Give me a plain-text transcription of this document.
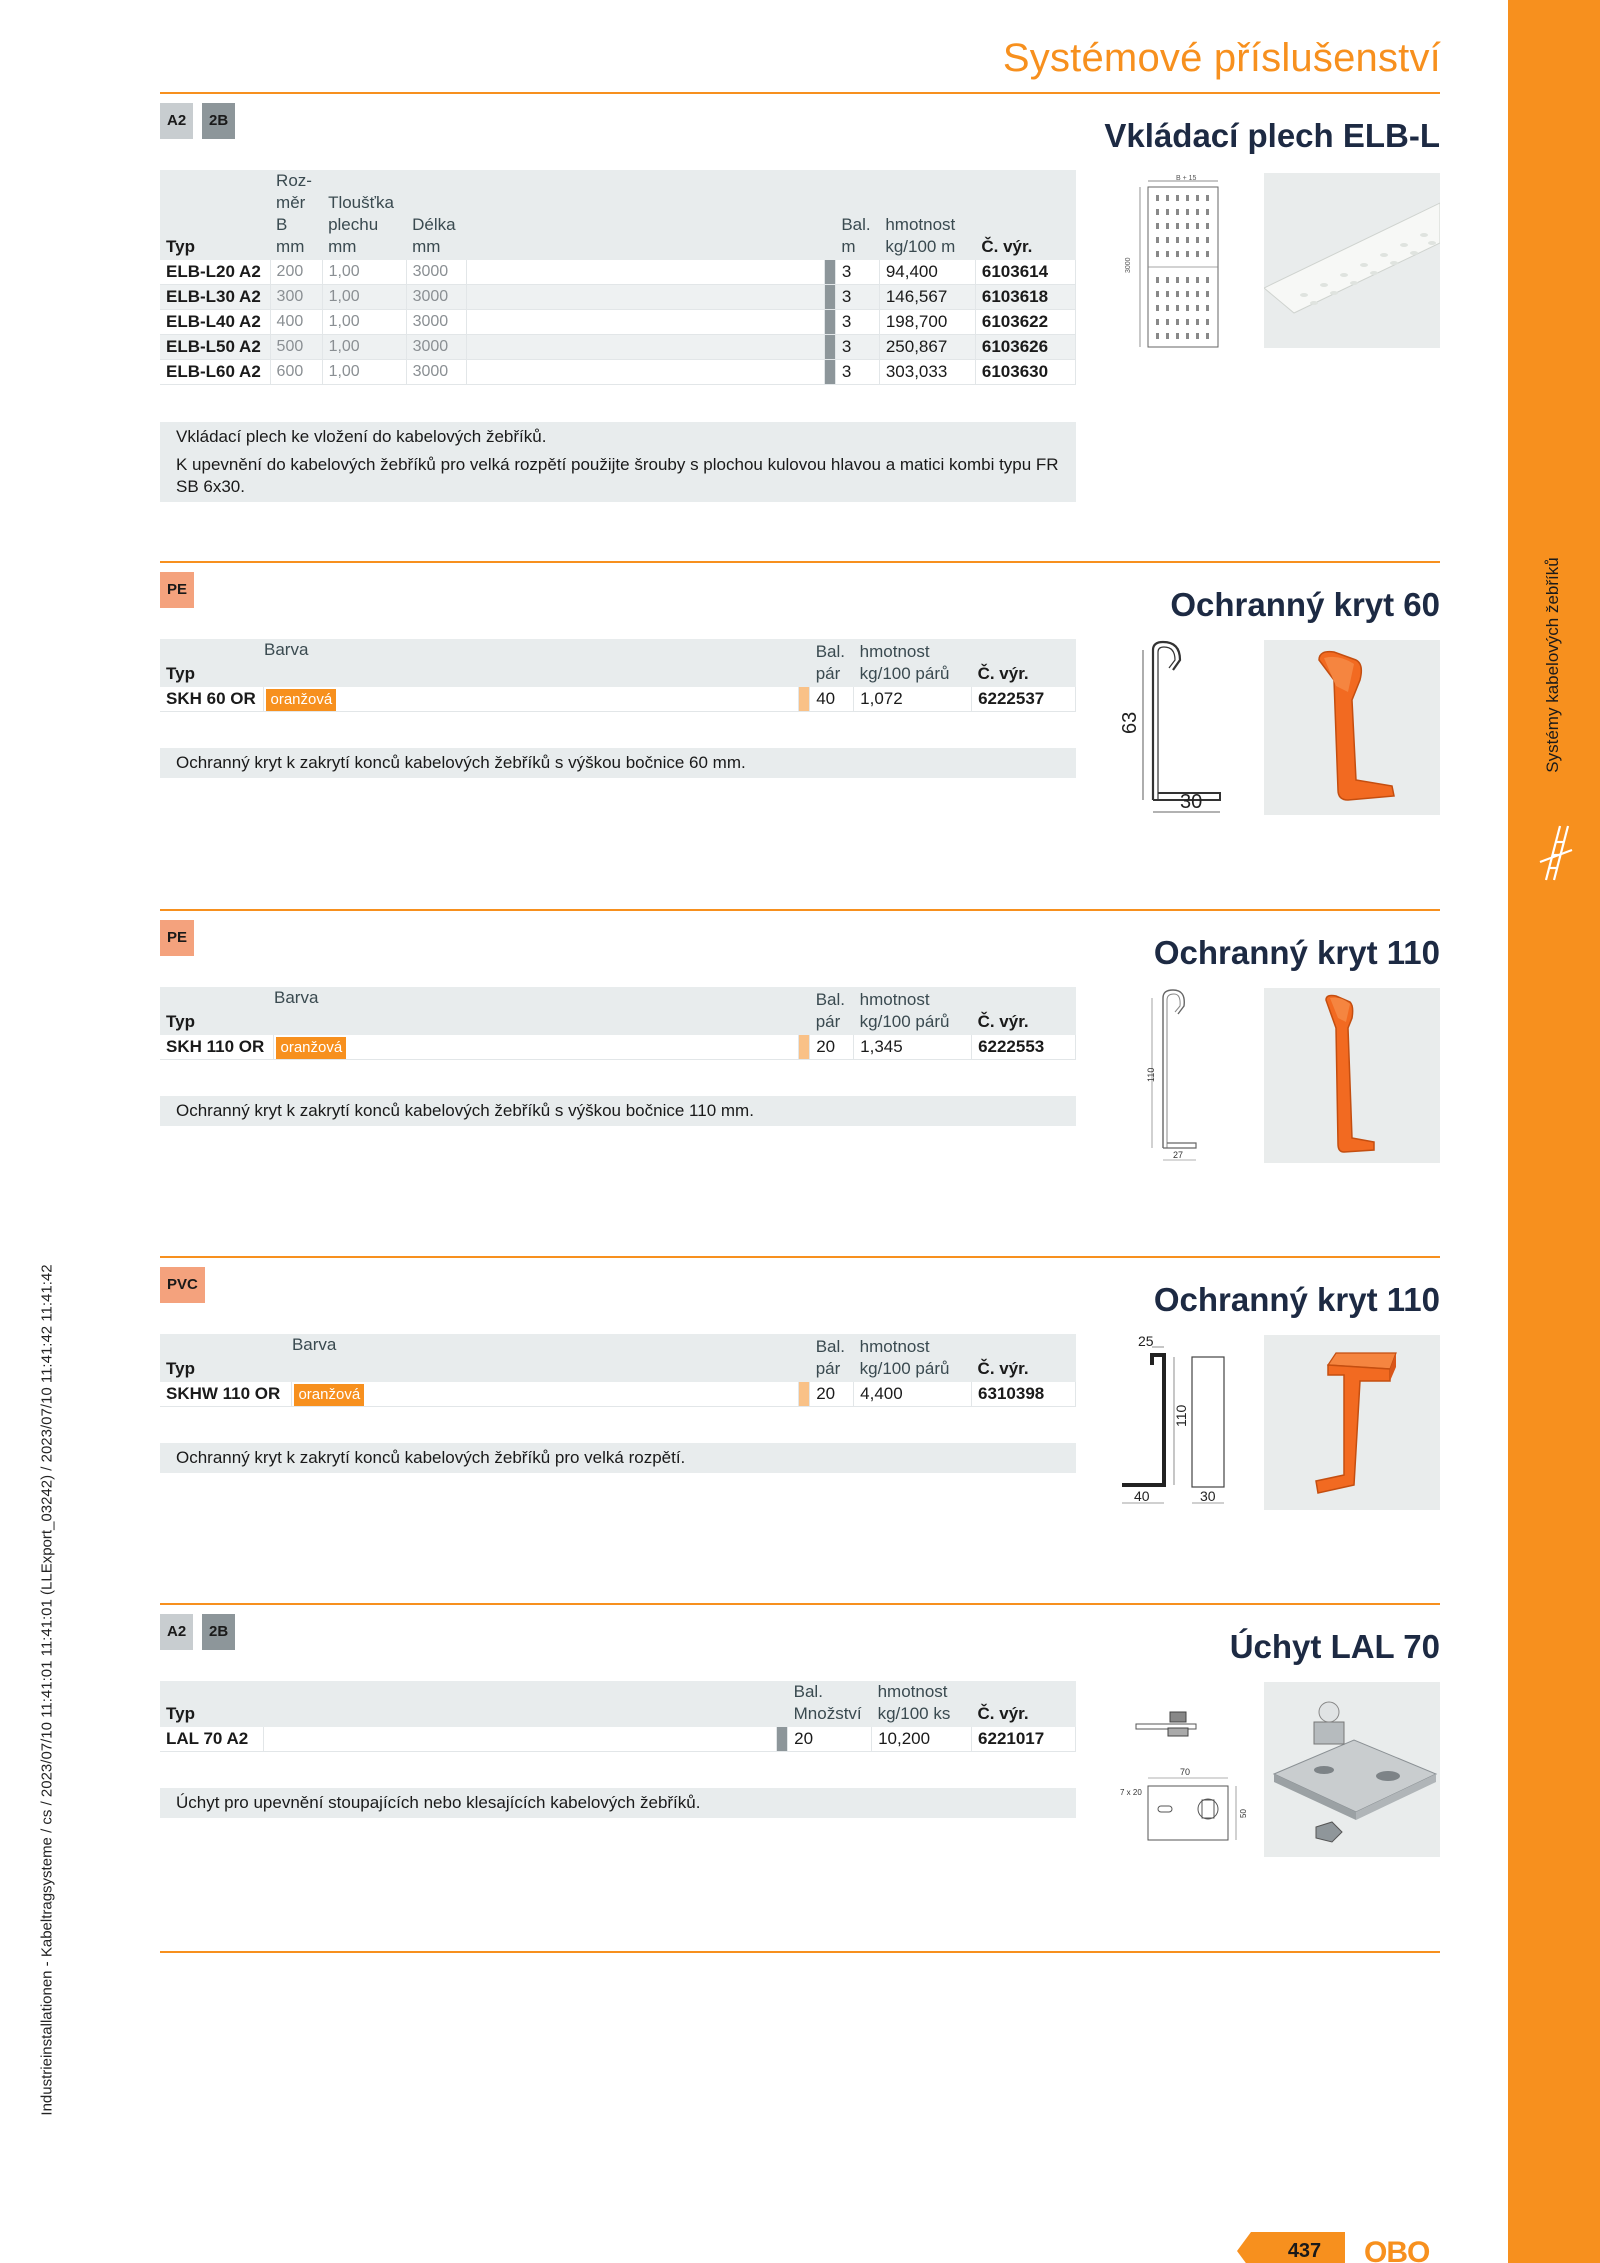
Systémy kabelových žebříků
Industrieinstallationen - Kabeltragsysteme / cs / 2023/07/10 11:41:01 11:41:01 (LLExport_03242) / 2023/07/10 11:41:42 11:41:42
Systémové příslušenství
A2	2B	Vkládací plech ELB-L
Typ	Roz-
měr
B
mm	Tloušťka
plechu
mm	Délka
mm			Bal.
m	hmotnost
kg/100 m	Č. výr.
ELB-L20 A2	200	1,00	3000			3	94,400	6103614
ELB-L30 A2	300	1,00	3000			3	146,567	6103618
ELB-L40 A2	400	1,00	3000			3	198,700	6103622
ELB-L50 A2	500	1,00	3000			3	250,867	6103626
ELB-L60 A2	600	1,00	3000			3	303,033	6103630
Vkládací plech ke vložení do kabelových žebříků.
K upevnění do kabelových žebříků pro velká rozpětí použijte šrouby s plochou kulovou hlavou a matici kombi typu FR SB 6x30.
B + 15
3000
PE	Ochranný kryt 60
Typ	Barva		Bal.
pár	hmotnost
kg/100 párů	Č. výr.
SKH 60 OR	oranžová		40	1,072	6222537
Ochranný kryt k zakrytí konců kabelových žebříků s výškou bočnice 60 mm.
63
30
PE	Ochranný kryt 110
Typ	Barva		Bal.
pár	hmotnost
kg/100 párů	Č. výr.
SKH 110 OR	oranžová		20	1,345	6222553
Ochranný kryt k zakrytí konců kabelových žebříků s výškou bočnice 110 mm.
110
27
PVC	Ochranný kryt 110
Typ	Barva		Bal.
pár	hmotnost
kg/100 párů	Č. výr.
SKHW 110 OR	oranžová		20	4,400	6310398
Ochranný kryt k zakrytí konců kabelových žebříků pro velká rozpětí.
25
110
40	30
A2	2B	Úchyt LAL 70
Typ			Bal.
Množství	hmotnost
kg/100 ks	Č. výr.
LAL 70 A2			20	10,200	6221017
Úchyt pro upevnění stoupajících nebo klesajících kabelových žebříků.
70
7 x 20
50
437	OBO
